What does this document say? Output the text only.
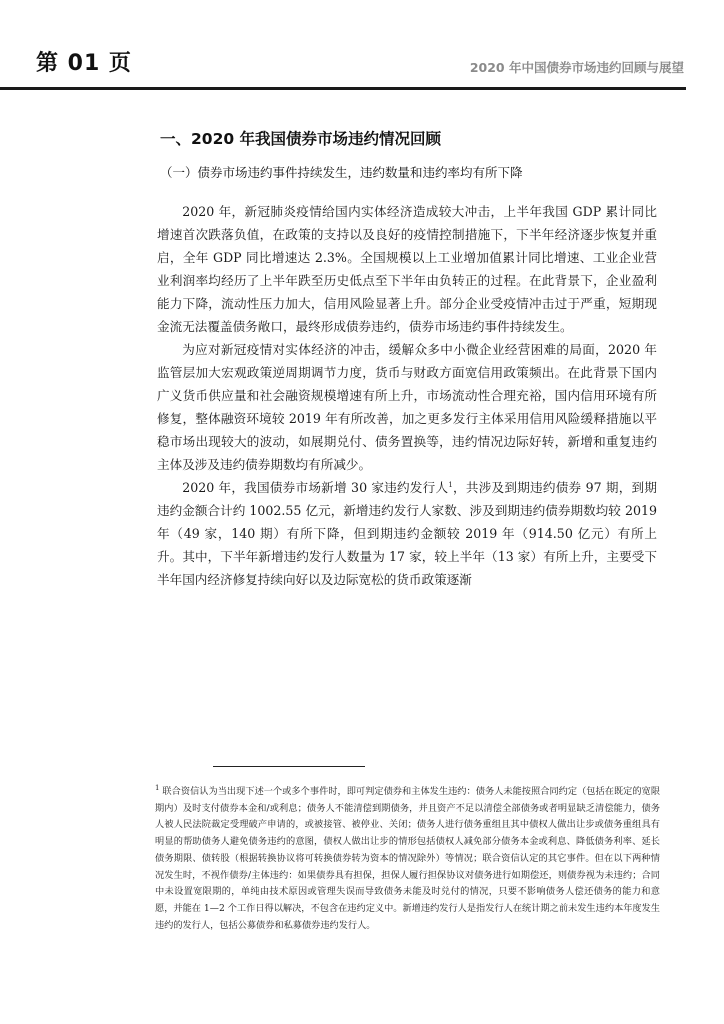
第 01 页	2020 年中国债券市场违约回顾与展望
一、2020 年我国债券市场违约情况回顾
（一）债券市场违约事件持续发生，违约数量和违约率均有所下降

2020 年，新冠肺炎疫情给国内实体经济造成较大冲击，上半年我国 GDP 累计同比增速首次跌落负值，在政策的支持以及良好的疫情控制措施下，下半年经济逐步恢复并重启，全年 GDP 同比增速达 2.3%。全国规模以上工业增加值累计同比增速、工业企业营业利润率均经历了上半年跌至历史低点至下半年由负转正的过程。在此背景下，企业盈利能力下降，流动性压力加大，信用风险显著上升。部分企业受疫情冲击过于严重，短期现金流无法覆盖债务敞口，最终形成债券违约，债券市场违约事件持续发生。

为应对新冠疫情对实体经济的冲击，缓解众多中小微企业经营困难的局面，2020 年监管层加大宏观政策逆周期调节力度，货币与财政方面宽信用政策频出。在此背景下国内广义货币供应量和社会融资规模增速有所上升，市场流动性合理充裕，国内信用环境有所修复，整体融资环境较 2019 年有所改善，加之更多发行主体采用信用风险缓释措施以平稳市场出现较大的波动，如展期兑付、债务置换等，违约情况边际好转，新增和重复违约主体及涉及违约债券期数均有所减少。

2020 年，我国债券市场新增 30 家违约发行人$^1$，共涉及到期违约债券 97 期，到期违约金额合计约 1002.55 亿元，新增违约发行人家数、涉及到期违约债券期数均较 2019 年（49 家，140 期）有所下降，但到期违约金额较 2019 年（914.50 亿元）有所上升。其中，下半年新增违约发行人数量为 17 家，较上半年（13 家）有所上升，主要受下半年国内经济修复持续向好以及边际宽松的货币政策逐渐

$^1$ 联合资信认为当出现下述一个或多个事件时，即可判定债券和主体发生违约：债务人未能按照合同约定（包括在既定的宽限期内）及时支付债券本金和/或利息；债务人不能清偿到期债务，并且资产不足以清偿全部债务或者明显缺乏清偿能力，债务人被人民法院裁定受理破产申请的，或被接管、被停业、关闭；债务人进行债务重组且其中债权人做出让步或债务重组具有明显的帮助债务人避免债务违约的意图，债权人做出让步的情形包括债权人减免部分债务本金或利息、降低债务利率、延长债务期限、债转股（根据转换协议将可转换债券转为资本的情况除外）等情况；联合资信认定的其它事件。但在以下两种情况发生时，不视作债券/主体违约：如果债券具有担保，担保人履行担保协议对债务进行如期偿还，则债券视为未违约；合同中未设置宽限期的，单纯由技术原因或管理失误而导致债务未能及时兑付的情况，只要不影响债务人偿还债务的能力和意愿，并能在 1—2 个工作日得以解决，不包含在违约定义中。新增违约发行人是指发行人在统计期之前未发生违约本年度发生违约的发行人，包括公募债券和私募债券违约发行人。
